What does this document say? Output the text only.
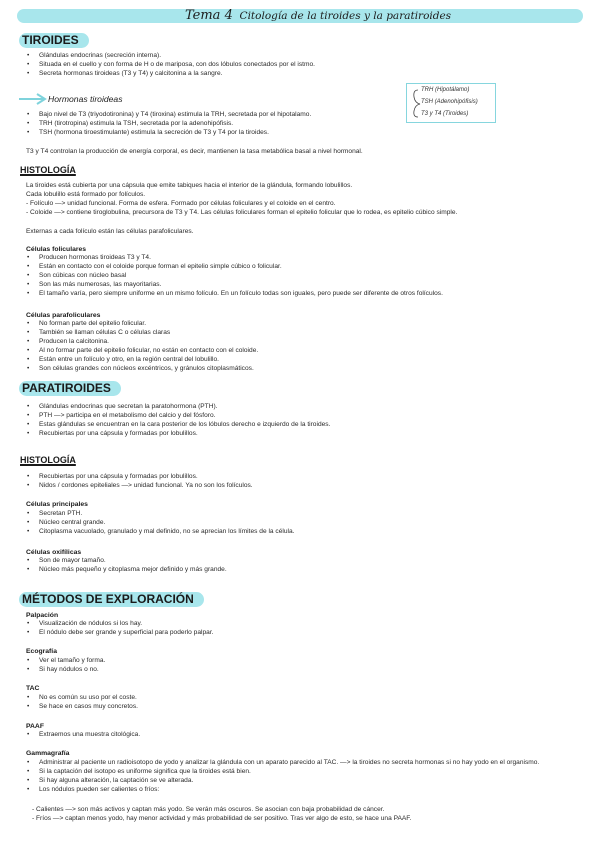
Tema 4 Citología de la tiroides y la paratiroides
TIROIDES
• Glándulas endocrinas (secreción interna).
• Situada en el cuello y con forma de H o de mariposa, con dos lóbulos conectados por el istmo.
• Secreta hormonas tiroideas (T3 y T4) y calcitonina a la sangre.
Hormonas tiroideas
TRH (Hipotálamo)
TSH (Adenohipófisis)
T3 y T4 (Tiroides)
• Bajo nivel de T3 (triyodotironina) y T4 (tiroxina) estimula la TRH, secretada por el hipotalamo.
• TRH (tirotropina) estimula la TSH, secretada por la adenohipófisis.
• TSH (hormona tiroestimulante) estimula la secreción de T3 y T4 por la tiroides.
T3 y T4 controlan la producción de energía corporal, es decir, mantienen la tasa metabólica basal a nivel hormonal.
HISTOLOGÍA
La tiroides está cubierta por una cápsula que emite tabiques hacia el interior de la glándula, formando lobulillos.
Cada lobulillo está formado por folículos.
- Folículo —> unidad funcional. Forma de esfera. Formado por células foliculares y el coloide en el centro.
- Coloide —> contiene tiroglobulina, precursora de T3 y T4. Las células foliculares forman el epitelio folicular que lo rodea, es epitelio cúbico simple.
Externas a cada folículo están las células parafoliculares.
Células foliculares
• Producen hormonas tiroideas T3 y T4.
• Están en contacto con el coloide porque forman el epitelio simple cúbico o folicular.
• Son cúbicas con núcleo basal
• Son las más numerosas, las mayoritarias.
• El tamaño varía, pero siempre uniforme en un mismo folículo. En un folículo todas son iguales, pero puede ser diferente de otros folículos.
Células parafoliculares
• No forman parte del epitelio folicular.
• También se llaman células C o células claras
• Producen la calcitonina.
• Al no formar parte del epitelio folicular, no están en contacto con el coloide.
• Están entre un folículo y otro, en la región central del lobulillo.
• Son células grandes con núcleos excéntricos, y gránulos citoplasmáticos.
PARATIROIDES
• Glándulas endocrinas que secretan la paratohormona (PTH).
• PTH —> participa en el metabolismo del calcio y del fósforo.
• Estas glándulas se encuentran en la cara posterior de los lóbulos derecho e izquierdo de la tiroides.
• Recubiertas por una cápsula y formadas por lobulillos.
HISTOLOGÍA
• Recubiertas por una cápsula y formadas por lobulillos.
• Nidos / cordones epiteliales —> unidad funcional. Ya no son los folículos.
Células principales
• Secretan PTH.
• Núcleo central grande.
• Citoplasma vacuolado, granulado y mal definido, no se aprecian los límites de la célula.
Células oxifílicas
• Son de mayor tamaño.
• Núcleo más pequeño y citoplasma mejor definido y más grande.
MÉTODOS DE EXPLORACIÓN
Palpación
• Visualización de nódulos si los hay.
• El nódulo debe ser grande y superficial para poderlo palpar.
Ecografía
• Ver el tamaño y forma.
• Si hay nódulos o no.
TAC
• No es común su uso por el coste.
• Se hace en casos muy concretos.
PAAF
• Extraemos una muestra citológica.
Gammagrafía
• Administrar al paciente un radioisotopo de yodo y analizar la glándula con un aparato parecido al TAC. —> la tiroides no secreta hormonas si no hay yodo en el organismo.
• Si la captación del isotopo es uniforme significa que la tiroides está bien.
• Si hay alguna alteración, la captación se ve alterada.
• Los nódulos pueden ser calientes o fríos:
- Calientes —> son más activos y captan más yodo. Se verán más oscuros. Se asocian con baja probabilidad de cáncer.
- Fríos —> captan menos yodo, hay menor actividad y más probabilidad de ser positivo. Tras ver algo de esto, se hace una PAAF.
